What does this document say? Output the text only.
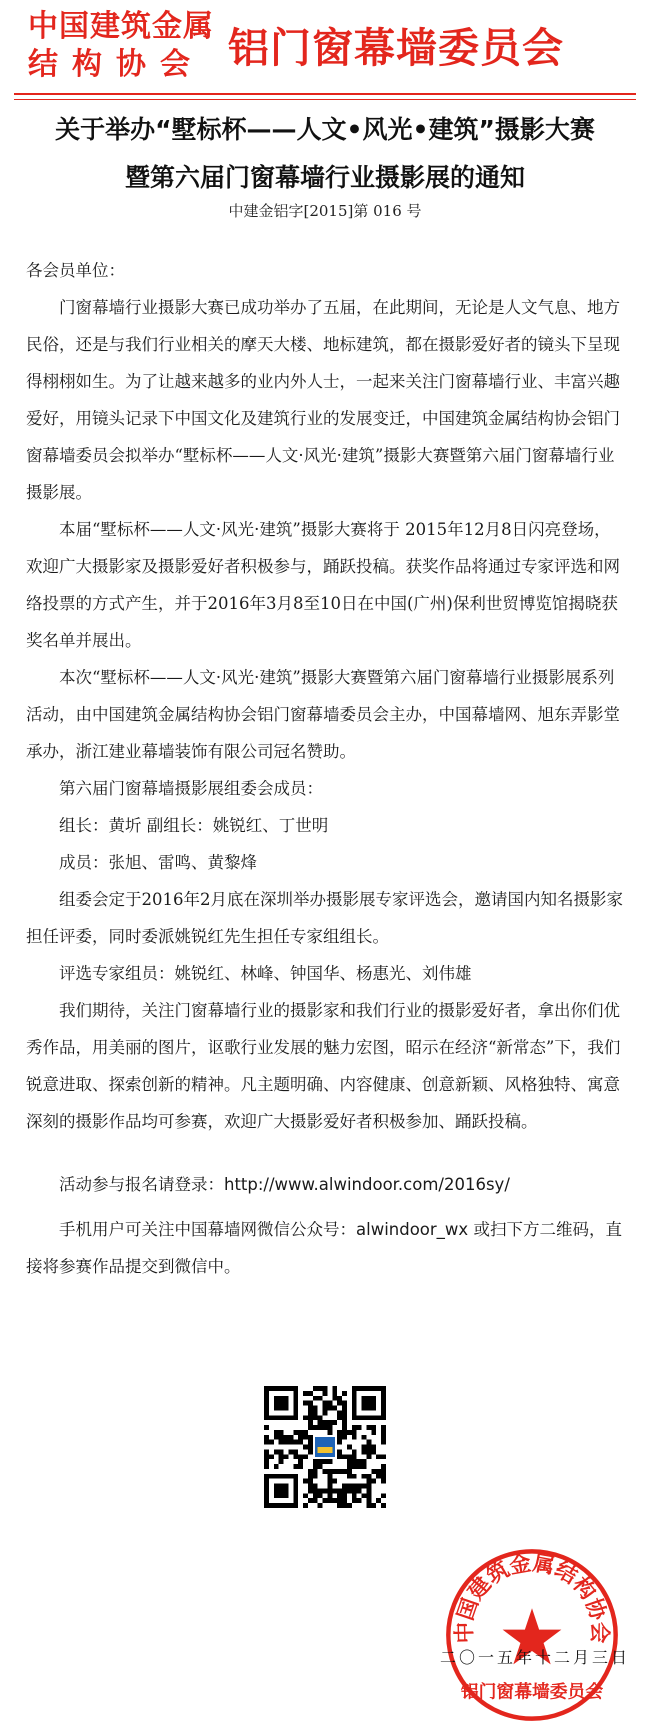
中国建筑金属
结构协会 铝门窗幕墙委员会
关于举办“墅标杯——人文•风光•建筑”摄影大赛
暨第六届门窗幕墙行业摄影展的通知
中建金铝字[2015]第 016 号

各会员单位：

门窗幕墙行业摄影大赛已成功举办了五届，在此期间，无论是人文气息、地方民俗，还是与我们行业相关的摩天大楼、地标建筑，都在摄影爱好者的镜头下呈现得栩栩如生。为了让越来越多的业内外人士，一起来关注门窗幕墙行业、丰富兴趣爱好，用镜头记录下中国文化及建筑行业的发展变迁，中国建筑金属结构协会铝门窗幕墙委员会拟举办“墅标杯——人文·风光·建筑”摄影大赛暨第六届门窗幕墙行业摄影展。

本届“墅标杯——人文·风光·建筑”摄影大赛将于 2015年12月8日闪亮登场，欢迎广大摄影家及摄影爱好者积极参与，踊跃投稿。获奖作品将通过专家评选和网络投票的方式产生，并于2016年3月8至10日在中国(广州)保利世贸博览馆揭晓获奖名单并展出。

本次“墅标杯——人文·风光·建筑”摄影大赛暨第六届门窗幕墙行业摄影展系列活动，由中国建筑金属结构协会铝门窗幕墙委员会主办，中国幕墙网、旭东弄影堂承办，浙江建业幕墙装饰有限公司冠名赞助。

第六届门窗幕墙摄影展组委会成员：

组长：黄圻 副组长：姚锐红、丁世明

成员：张旭、雷鸣、黄黎烽

组委会定于2016年2月底在深圳举办摄影展专家评选会，邀请国内知名摄影家担任评委，同时委派姚锐红先生担任专家组组长。

评选专家组员：姚锐红、林峰、钟国华、杨惠光、刘伟雄

我们期待，关注门窗幕墙行业的摄影家和我们行业的摄影爱好者，拿出你们优秀作品，用美丽的图片，讴歌行业发展的魅力宏图，昭示在经济“新常态”下，我们锐意进取、探索创新的精神。凡主题明确、内容健康、创意新颖、风格独特、寓意深刻的摄影作品均可参赛，欢迎广大摄影爱好者积极参加、踊跃投稿。

活动参与报名请登录：http://www.alwindoor.com/2016sy/

手机用户可关注中国幕墙网微信公众号：alwindoor_wx 或扫下方二维码，直接将参赛作品提交到微信中。

中国建筑金属结构协会
铝门窗幕墙委员会
二〇一五年十二月三日
